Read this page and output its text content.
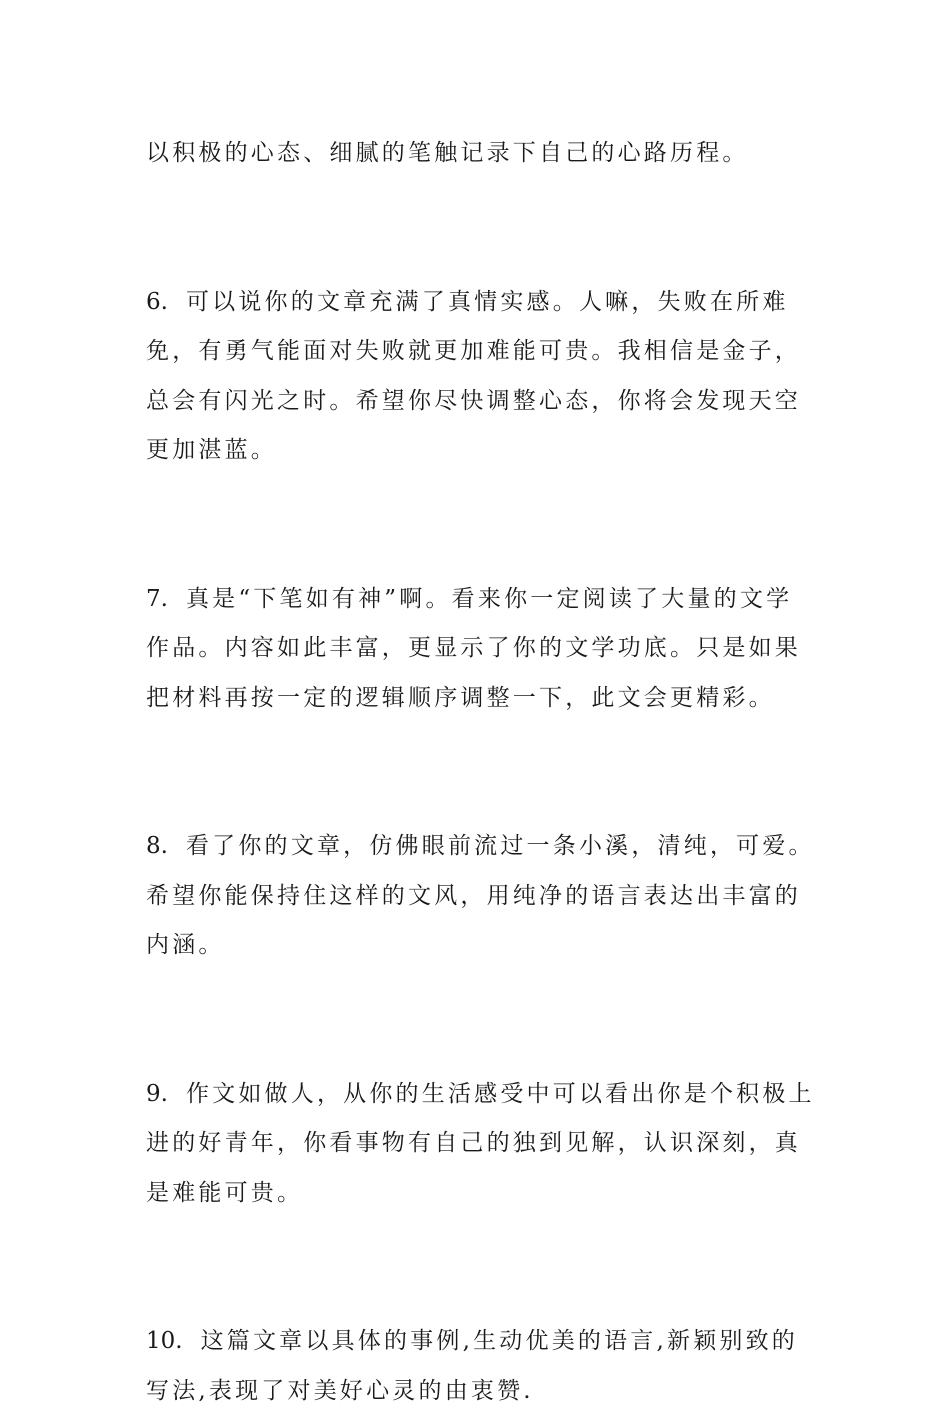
以积极的心态、细腻的笔触记录下自己的心路历程。

6. 可以说你的文章充满了真情实感。人嘛，失败在所难免，有勇气能面对失败就更加难能可贵。我相信是金子，总会有闪光之时。希望你尽快调整心态，你将会发现天空更加湛蓝。

7. 真是“下笔如有神”啊。看来你一定阅读了大量的文学作品。内容如此丰富，更显示了你的文学功底。只是如果把材料再按一定的逻辑顺序调整一下，此文会更精彩。

8. 看了你的文章，仿佛眼前流过一条小溪，清纯，可爱。希望你能保持住这样的文风，用纯净的语言表达出丰富的内涵。

9. 作文如做人，从你的生活感受中可以看出你是个积极上进的好青年，你看事物有自己的独到见解，认识深刻，真是难能可贵。

10. 这篇文章以具体的事例,生动优美的语言,新颖别致的写法,表现了对美好心灵的由衷赞.
